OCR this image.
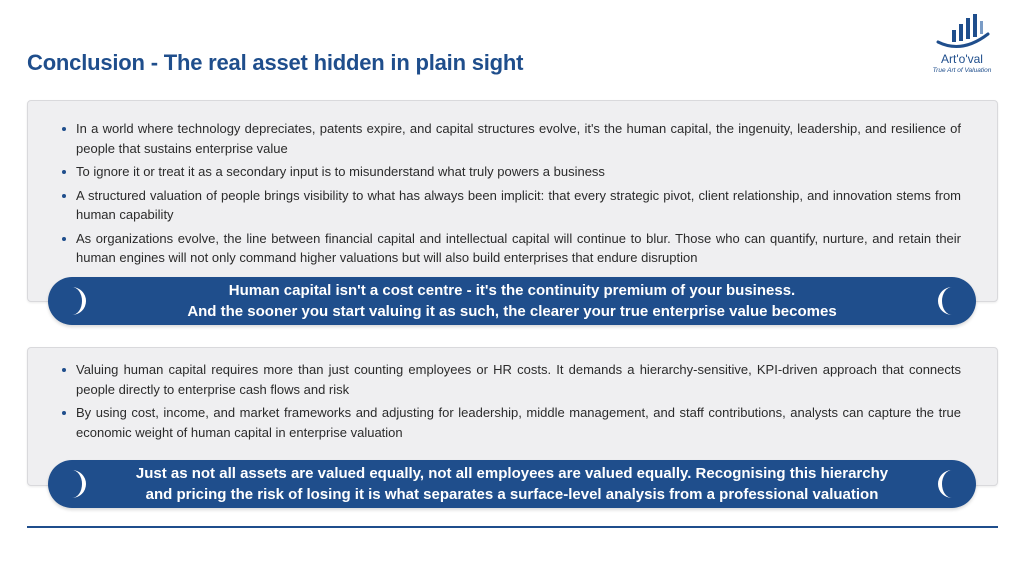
Conclusion - The real asset hidden in plain sight	Art'o'val
True Art of Valuation
In a world where technology depreciates, patents expire, and capital structures evolve, it's the human capital, the ingenuity, leadership, and resilience of people that sustains enterprise value
To ignore it or treat it as a secondary input is to misunderstand what truly powers a business
A structured valuation of people brings visibility to what has always been implicit: that every strategic pivot, client relationship, and innovation stems from human capability
As organizations evolve, the line between financial capital and intellectual capital will continue to blur. Those who can quantify, nurture, and retain their human engines will not only command higher valuations but will also build enterprises that endure disruption
Human capital isn't a cost centre - it's the continuity premium of your business.
And the sooner you start valuing it as such, the clearer your true enterprise value becomes
Valuing human capital requires more than just counting employees or HR costs. It demands a hierarchy-sensitive, KPI-driven approach that connects people directly to enterprise cash flows and risk
By using cost, income, and market frameworks and adjusting for leadership, middle management, and staff contributions, analysts can capture the true economic weight of human capital in enterprise valuation
Just as not all assets are valued equally, not all employees are valued equally. Recognising this hierarchy
and pricing the risk of losing it is what separates a surface-level analysis from a professional valuation
